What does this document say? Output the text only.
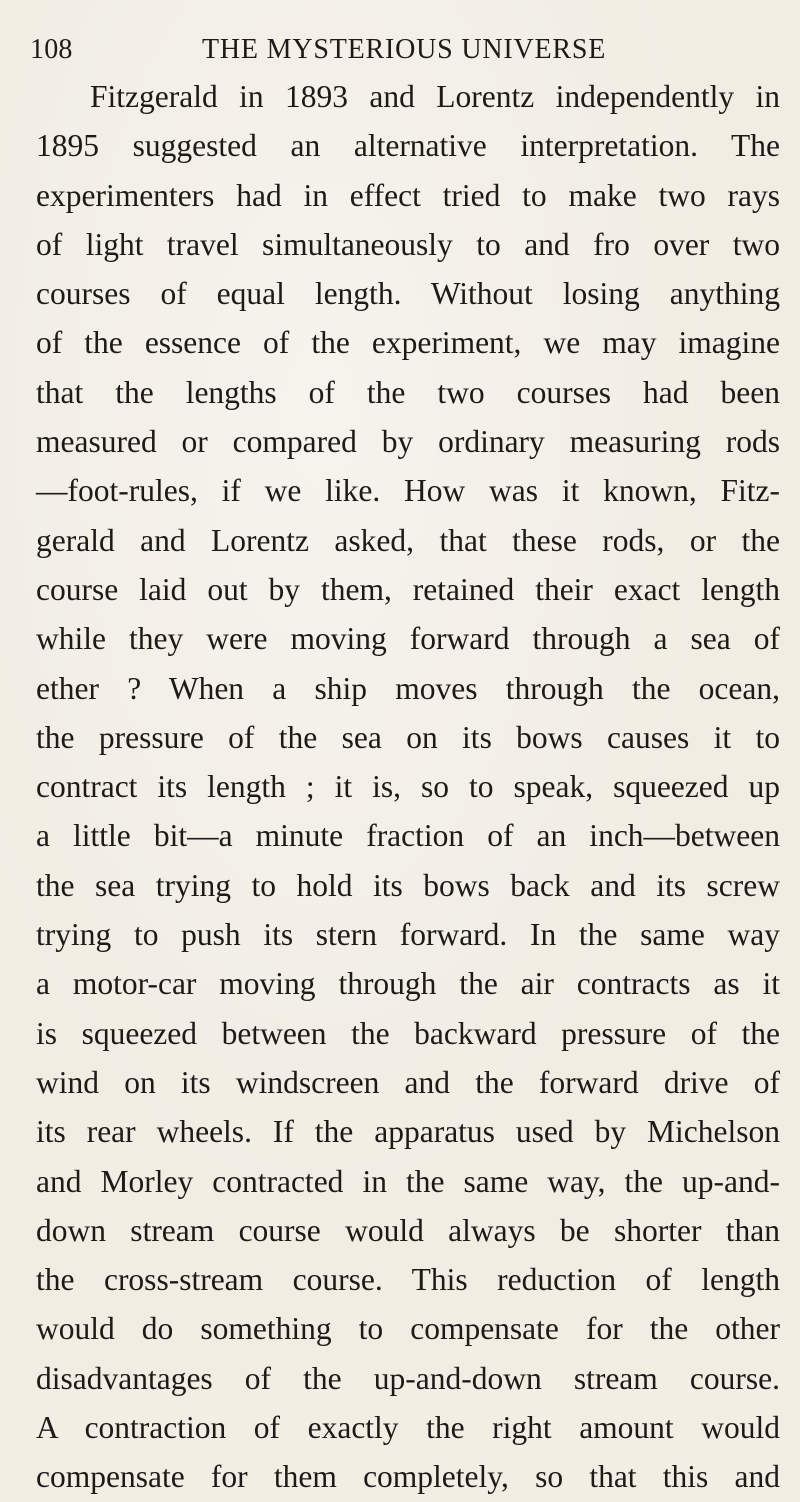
108	THE MYSTERIOUS UNIVERSE
Fitzgerald in 1893 and Lorentz independently in
1895 suggested an alternative interpretation. The
experimenters had in effect tried to make two rays
of light travel simultaneously to and fro over two
courses of equal length. Without losing anything
of the essence of the experiment, we may imagine
that the lengths of the two courses had been
measured or compared by ordinary measuring rods
—foot-rules, if we like. How was it known, Fitz-
gerald and Lorentz asked, that these rods, or the
course laid out by them, retained their exact length
while they were moving forward through a sea of
ether ? When a ship moves through the ocean,
the pressure of the sea on its bows causes it to
contract its length ; it is, so to speak, squeezed up
a little bit—a minute fraction of an inch—between
the sea trying to hold its bows back and its screw
trying to push its stern forward. In the same way
a motor-car moving through the air contracts as it
is squeezed between the backward pressure of the
wind on its windscreen and the forward drive of
its rear wheels. If the apparatus used by Michelson
and Morley contracted in the same way, the up-and-
down stream course would always be shorter than
the cross-stream course. This reduction of length
would do something to compensate for the other
disadvantages of the up-and-down stream course.
A contraction of exactly the right amount would
compensate for them completely, so that this and
